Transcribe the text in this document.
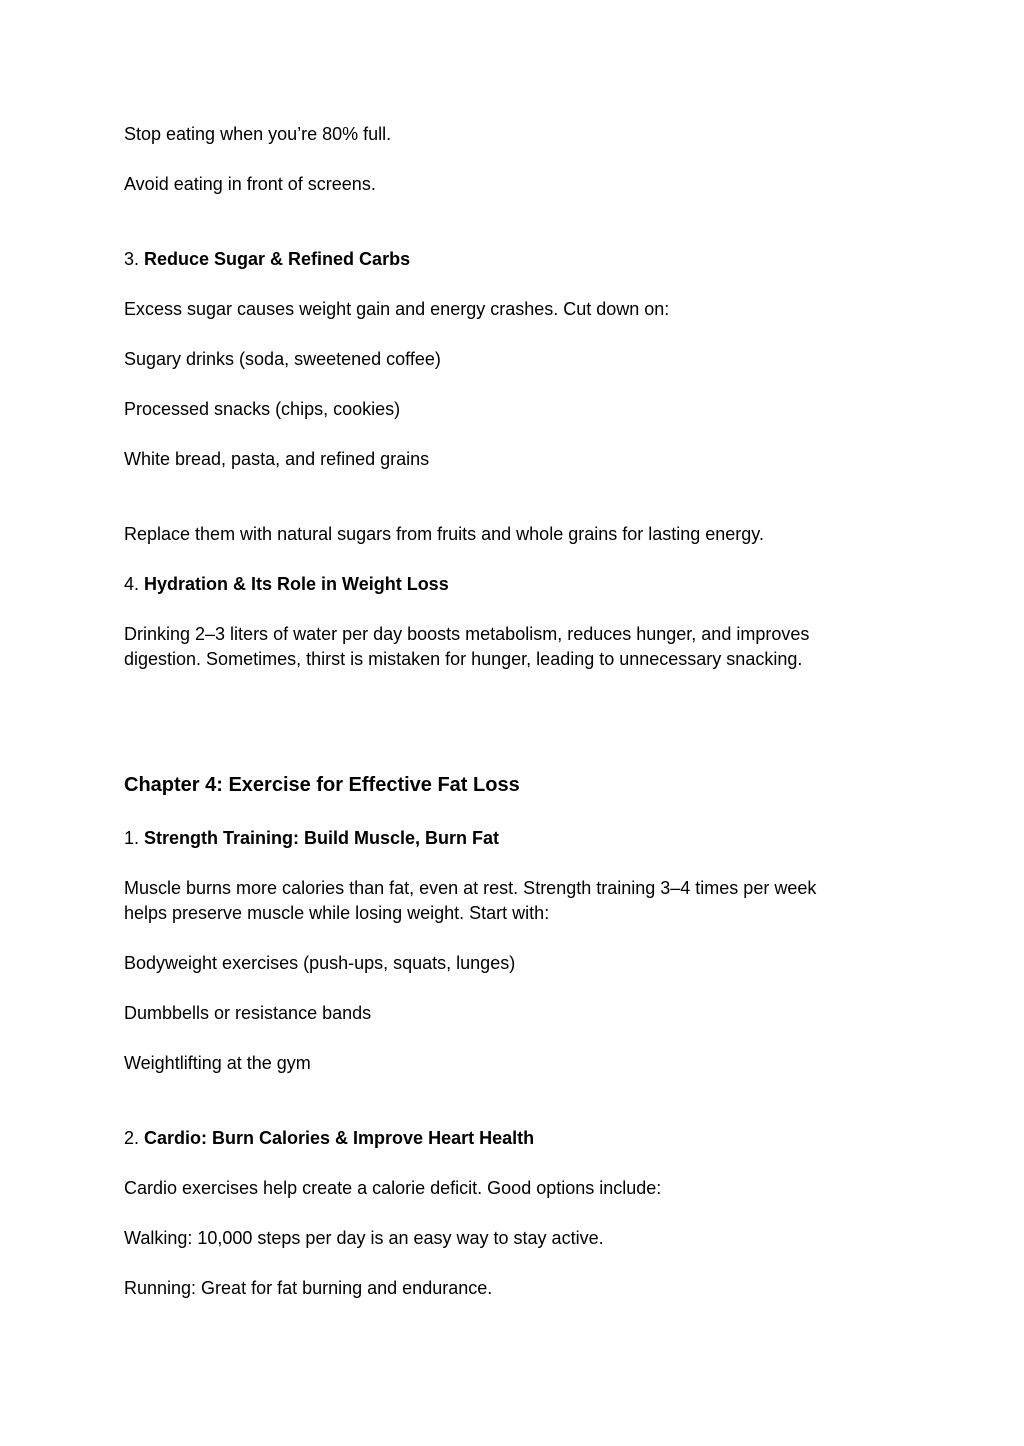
Stop eating when you’re 80% full.

Avoid eating in front of screens.

3. Reduce Sugar & Refined Carbs

Excess sugar causes weight gain and energy crashes. Cut down on:

Sugary drinks (soda, sweetened coffee)

Processed snacks (chips, cookies)

White bread, pasta, and refined grains

Replace them with natural sugars from fruits and whole grains for lasting energy.

4. Hydration & Its Role in Weight Loss

Drinking 2–3 liters of water per day boosts metabolism, reduces hunger, and improves

digestion. Sometimes, thirst is mistaken for hunger, leading to unnecessary snacking.

Chapter 4: Exercise for Effective Fat Loss

1. Strength Training: Build Muscle, Burn Fat

Muscle burns more calories than fat, even at rest. Strength training 3–4 times per week

helps preserve muscle while losing weight. Start with:

Bodyweight exercises (push-ups, squats, lunges)

Dumbbells or resistance bands

Weightlifting at the gym

2. Cardio: Burn Calories & Improve Heart Health

Cardio exercises help create a calorie deficit. Good options include:

Walking: 10,000 steps per day is an easy way to stay active.

Running: Great for fat burning and endurance.
